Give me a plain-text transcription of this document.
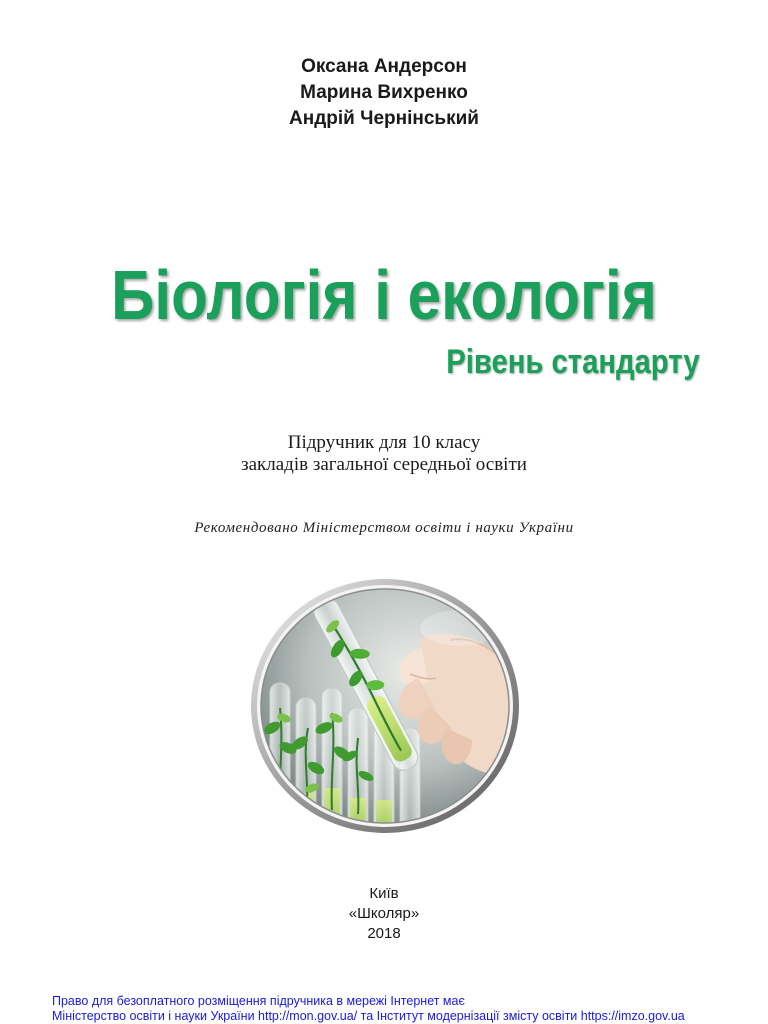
Оксана Андерсон
Марина Вихренко
Андрій Чернінський
Біологія і екологія
Рівень стандарту
Підручник для 10 класу
закладів загальної середньої освіти
Рекомендовано Міністерством освіти і науки України
Київ
«Школяр»
2018
Право для безоплатного розміщення підручника в мережі Інтернет має
Міністерство освіти і науки України http://mon.gov.ua/ та Інститут модернізації змісту освіти https://imzo.gov.ua
